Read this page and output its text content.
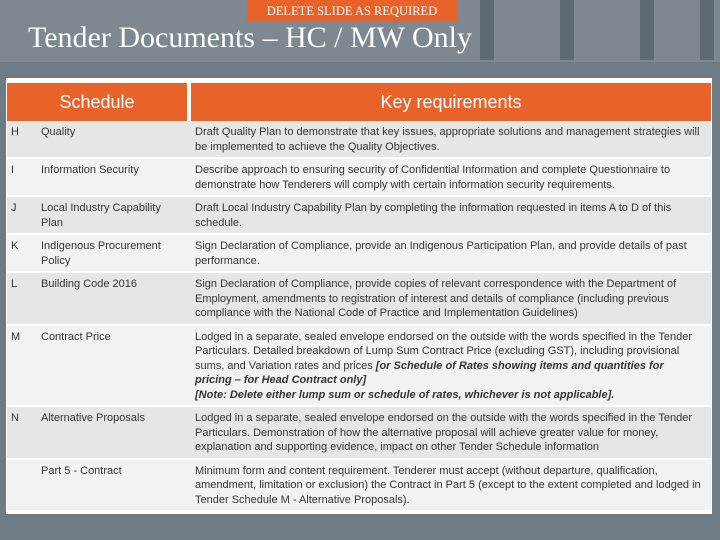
DELETE SLIDE AS REQUIRED
Tender Documents – HC / MW Only
Schedule		Key requirements
H	Quality	Draft Quality Plan to demonstrate that key issues, appropriate solutions and management strategies will be implemented to achieve the Quality Objectives.
I	Information Security	Describe approach to ensuring security of Confidential Information and complete Questionnaire to demonstrate how Tenderers will comply with certain information security requirements.
J	Local Industry Capability Plan	Draft Local Industry Capability Plan by completing the information requested in items A to D of this schedule.
K	Indigenous Procurement Policy	Sign Declaration of Compliance, provide an Indigenous Participation Plan, and provide details of past performance.
L	Building Code 2016	Sign Declaration of Compliance, provide copies of relevant correspondence with the Department of Employment, amendments to registration of interest and details of compliance (including previous compliance with the National Code of Practice and Implementation Guidelines)
M	Contract Price	Lodged in a separate, sealed envelope endorsed on the outside with the words specified in the Tender Particulars. Detailed breakdown of Lump Sum Contract Price (excluding GST), including provisional sums, and Variation rates and prices [or Schedule of Rates showing items and quantities for pricing – for Head Contract only]
[Note: Delete either lump sum or schedule of rates, whichever is not applicable].
N	Alternative Proposals	Lodged in a separate, sealed envelope endorsed on the outside with the words specified in the Tender Particulars. Demonstration of how the alternative proposal will achieve greater value for money, explanation and supporting evidence, impact on other Tender Schedule information
	Part 5 - Contract	Minimum form and content requirement. Tenderer must accept (without departure, qualification, amendment, limitation or exclusion) the Contract in Part 5 (except to the extent completed and lodged in Tender Schedule M - Alternative Proposals).
